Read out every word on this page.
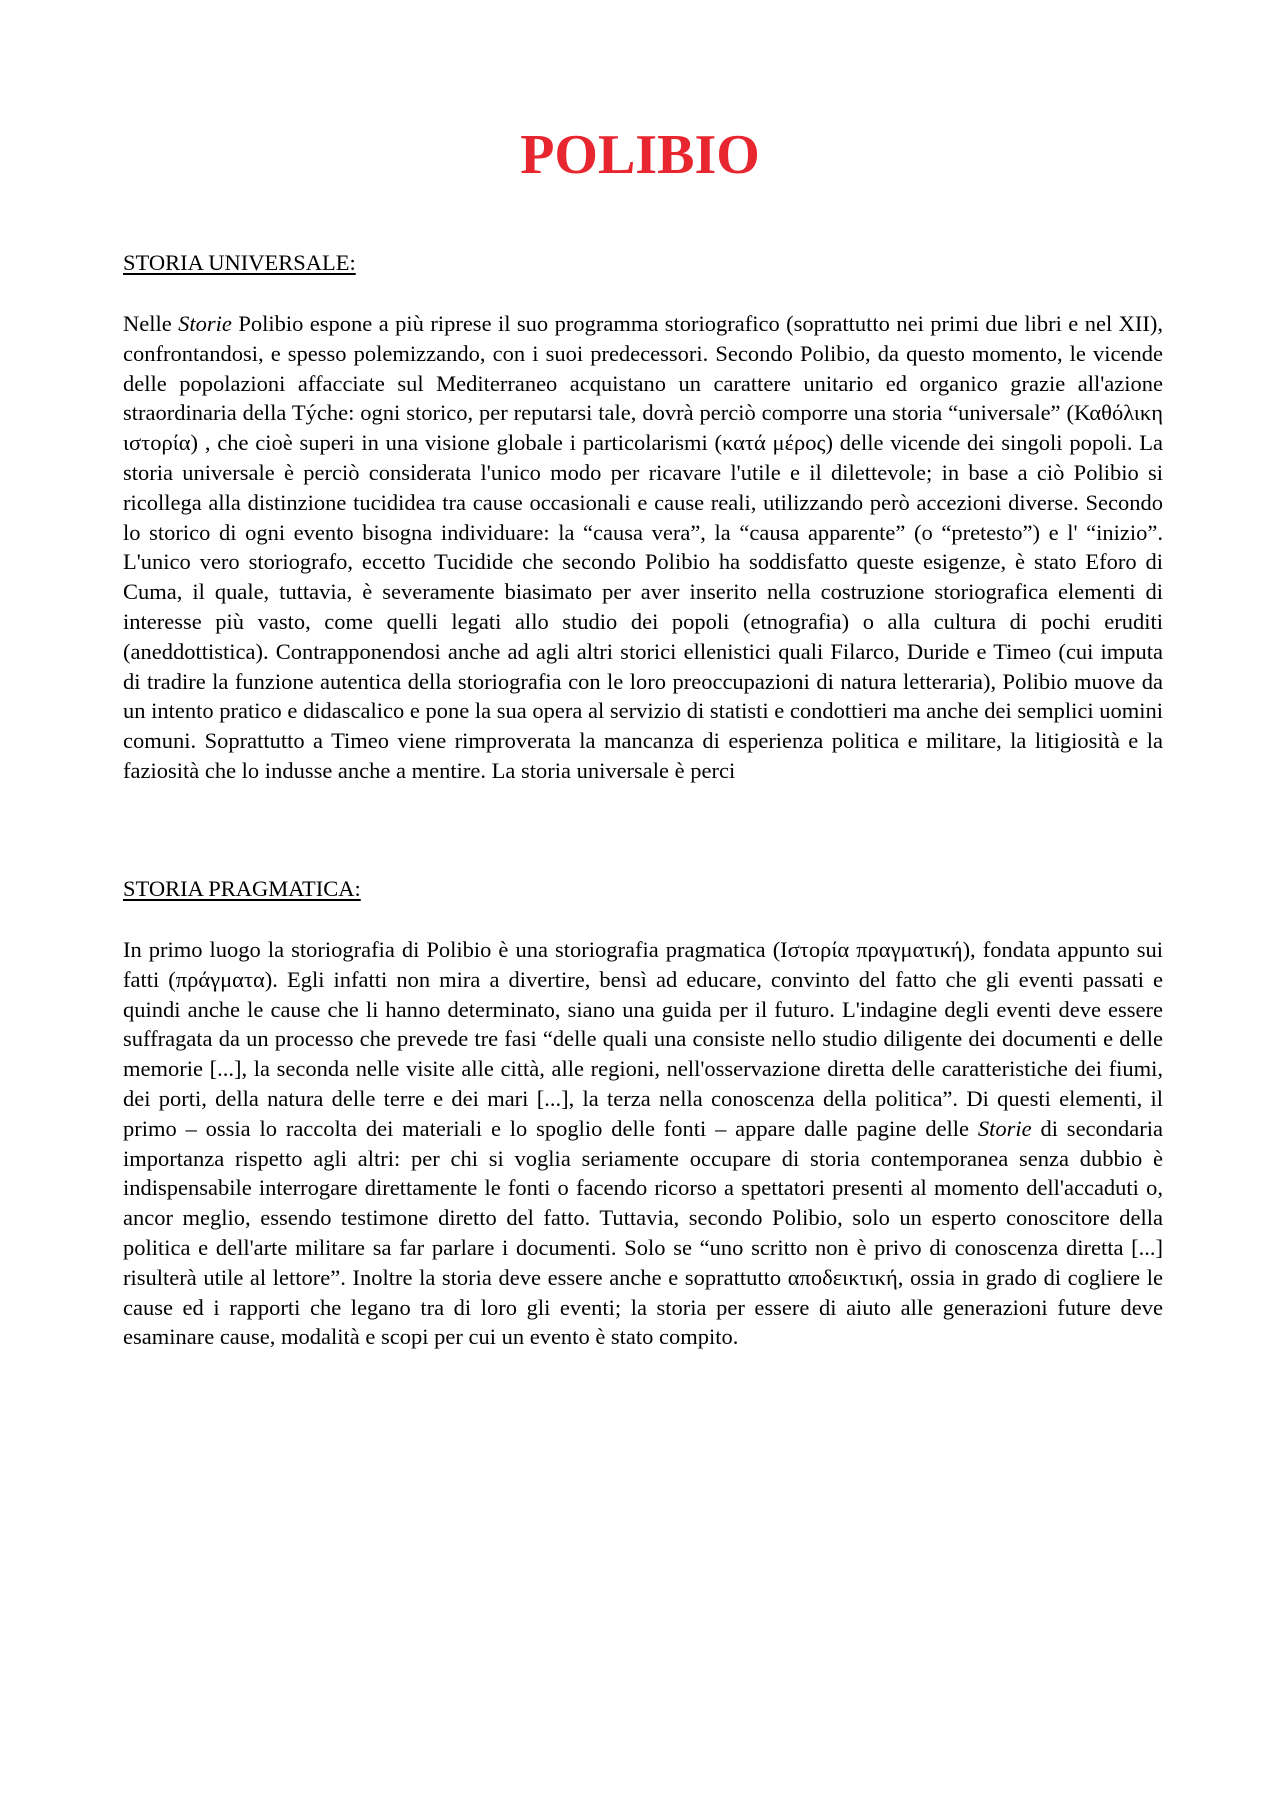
POLIBIO
STORIA UNIVERSALE:
Nelle Storie Polibio espone a più riprese il suo programma storiografico (soprattutto nei primi due libri e nel XII), confrontandosi, e spesso polemizzando, con i suoi predecessori. Secondo Polibio, da questo momento, le vicende delle popolazioni affacciate sul Mediterraneo acquistano un carattere unitario ed organico grazie all'azione straordinaria della Týche: ogni storico, per reputarsi tale, dovrà perciò comporre una storia “universale” (Καθόλικη ιστορία) , che cioè superi in una visione globale i particolarismi (κατά μέρος) delle vicende dei singoli popoli. La storia universale è perciò considerata l'unico modo per ricavare l'utile e il dilettevole; in base a ciò Polibio si ricollega alla distinzione tucididea tra cause occasionali e cause reali, utilizzando però accezioni diverse. Secondo lo storico di ogni evento bisogna individuare: la “causa vera”, la “causa apparente” (o “pretesto”) e l' “inizio”. L'unico vero storiografo, eccetto Tucidide che secondo Polibio ha soddisfatto queste esigenze, è stato Eforo di Cuma, il quale, tuttavia, è severamente biasimato per aver inserito nella costruzione storiografica elementi di interesse più vasto, come quelli legati allo studio dei popoli (etnografia) o alla cultura di pochi eruditi (aneddottistica). Contrapponendosi anche ad agli altri storici ellenistici quali Filarco, Duride e Timeo (cui imputa di tradire la funzione autentica della storiografia con le loro preoccupazioni di natura letteraria), Polibio muove da un intento pratico e didascalico e pone la sua opera al servizio di statisti e condottieri ma anche dei semplici uomini comuni. Soprattutto a Timeo viene rimproverata la mancanza di esperienza politica e militare, la litigiosità e la faziosità che lo indusse anche a mentire. La storia universale è perci
STORIA PRAGMATICA:
In primo luogo la storiografia di Polibio è una storiografia pragmatica (Ιστορία πραγματική), fondata appunto sui fatti (πράγματα). Egli infatti non mira a divertire, bensì ad educare, convinto del fatto che gli eventi passati e quindi anche le cause che li hanno determinato, siano una guida per il futuro. L'indagine degli eventi deve essere suffragata da un processo che prevede tre fasi “delle quali una consiste nello studio diligente dei documenti e delle memorie [...], la seconda nelle visite alle città, alle regioni, nell'osservazione diretta delle caratteristiche dei fiumi, dei porti, della natura delle terre e dei mari [...], la terza nella conoscenza della politica”. Di questi elementi, il primo – ossia lo raccolta dei materiali e lo spoglio delle fonti – appare dalle pagine delle Storie di secondaria importanza rispetto agli altri: per chi si voglia seriamente occupare di storia contemporanea senza dubbio è indispensabile interrogare direttamente le fonti o facendo ricorso a spettatori presenti al momento dell'accaduti o, ancor meglio, essendo testimone diretto del fatto. Tuttavia, secondo Polibio, solo un esperto conoscitore della politica e dell'arte militare sa far parlare i documenti. Solo se “uno scritto non è privo di conoscenza diretta [...] risulterà utile al lettore”. Inoltre la storia deve essere anche e soprattutto αποδεικτική, ossia in grado di cogliere le cause ed i rapporti che legano tra di loro gli eventi; la storia per essere di aiuto alle generazioni future deve esaminare cause, modalità e scopi per cui un evento è stato compito.
